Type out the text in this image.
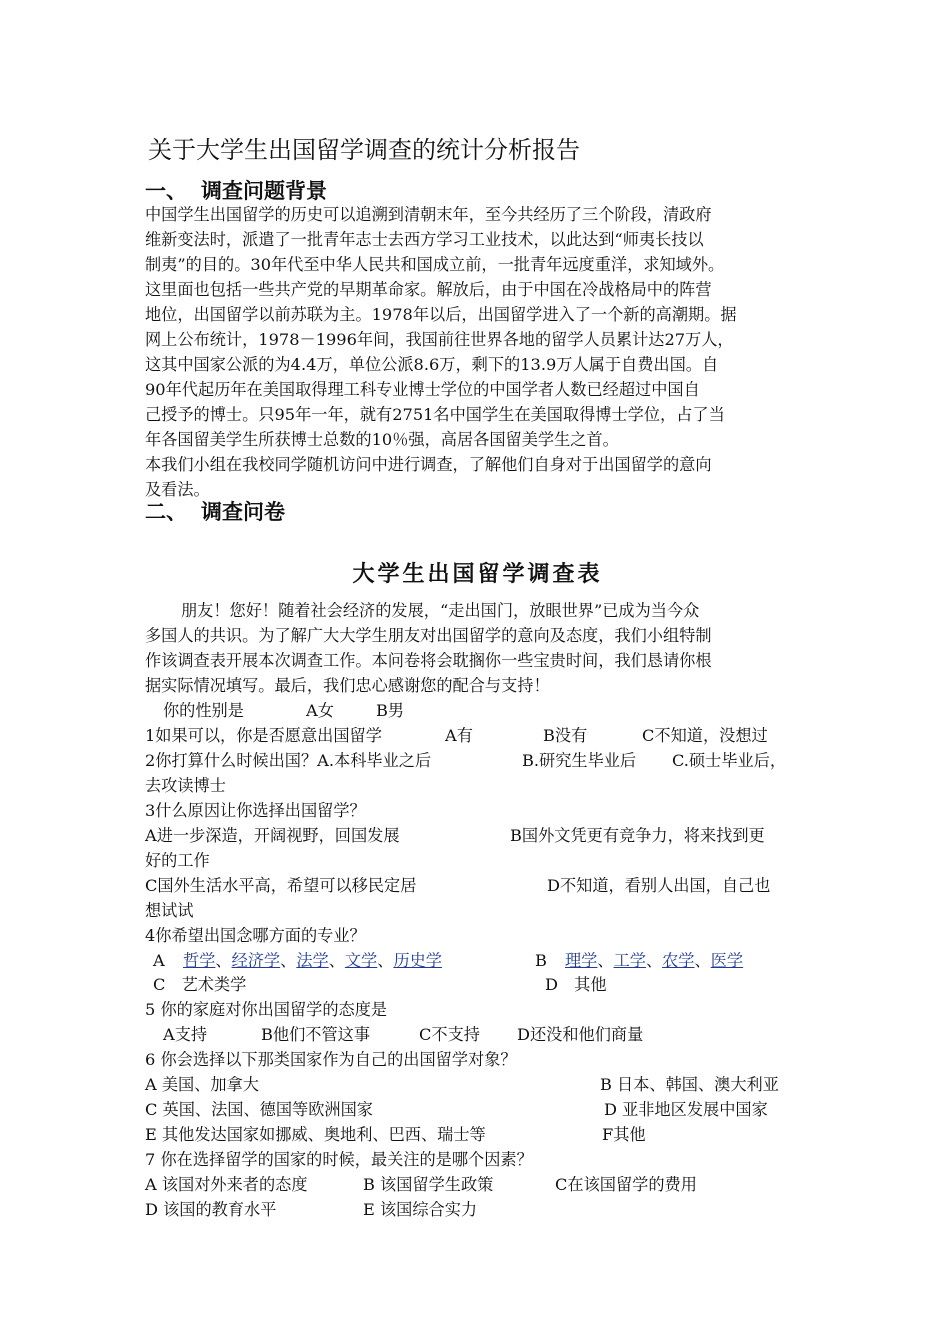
关于大学生出国留学调查的统计分析报告
一、 调查问题背景

中国学生出国留学的历史可以追溯到清朝末年，至今共经历了三个阶段，清政府

维新变法时，派遣了一批青年志士去西方学习工业技术，以此达到“师夷长技以

制夷”的目的。30年代至中华人民共和国成立前，一批青年远度重洋，求知域外。

这里面也包括一些共产党的早期革命家。解放后，由于中国在冷战格局中的阵营

地位，出国留学以前苏联为主。1978年以后，出国留学进入了一个新的高潮期。据

网上公布统计，1978－1996年间，我国前往世界各地的留学人员累计达27万人，

这其中国家公派的为4.4万，单位公派8.6万，剩下的13.9万人属于自费出国。自

90年代起历年在美国取得理工科专业博士学位的中国学者人数已经超过中国自

己授予的博士。只95年一年，就有2751名中国学生在美国取得博士学位，占了当

年各国留美学生所获博士总数的10％强，高居各国留美学生之首。

本我们小组在我校同学随机访问中进行调查，了解他们自身对于出国留学的意向

及看法。

二、 调查问卷
大学生出国留学调查表

朋友！您好！随着社会经济的发展，“走出国门，放眼世界”已成为当今众

多国人的共识。为了解广大大学生朋友对出国留学的意向及态度，我们小组特制

作该调查表开展本次调查工作。本问卷将会耽搁你一些宝贵时间，我们恳请你根

据实际情况填写。最后，我们忠心感谢您的配合与支持！

你的性别是	A女	B男
1如果可以，你是否愿意出国留学	A有	B没有	C不知道，没想过
2你打算什么时候出国？A.本科毕业之后	B.研究生毕业后 C.硕士毕业后，
去攻读博士
3什么原因让你选择出国留学？
A进一步深造，开阔视野，回国发展	B国外文凭更有竞争力，将来找到更
好的工作
C国外生活水平高，希望可以移民定居	D不知道，看别人出国，自己也
想试试
4你希望出国念哪方面的专业？
A 哲学、经济学、法学、文学、历史学	B 理学、工学、农学、医学
C　艺术类学	D　其他
5 你的家庭对你出国留学的态度是
A支持	B他们不管这事	C不支持 D还没和他们商量
6 你会选择以下那类国家作为自己的出国留学对象？
A 美国、加拿大	B 日本、韩国、澳大利亚
C 英国、法国、德国等欧洲国家	D 亚非地区发展中国家
E 其他发达国家如挪威、奥地利、巴西、瑞士等	F其他
7 你在选择留学的国家的时候，最关注的是哪个因素？
A 该国对外来者的态度	B 该国留学生政策	C在该国留学的费用
D 该国的教育水平	E 该国综合实力
